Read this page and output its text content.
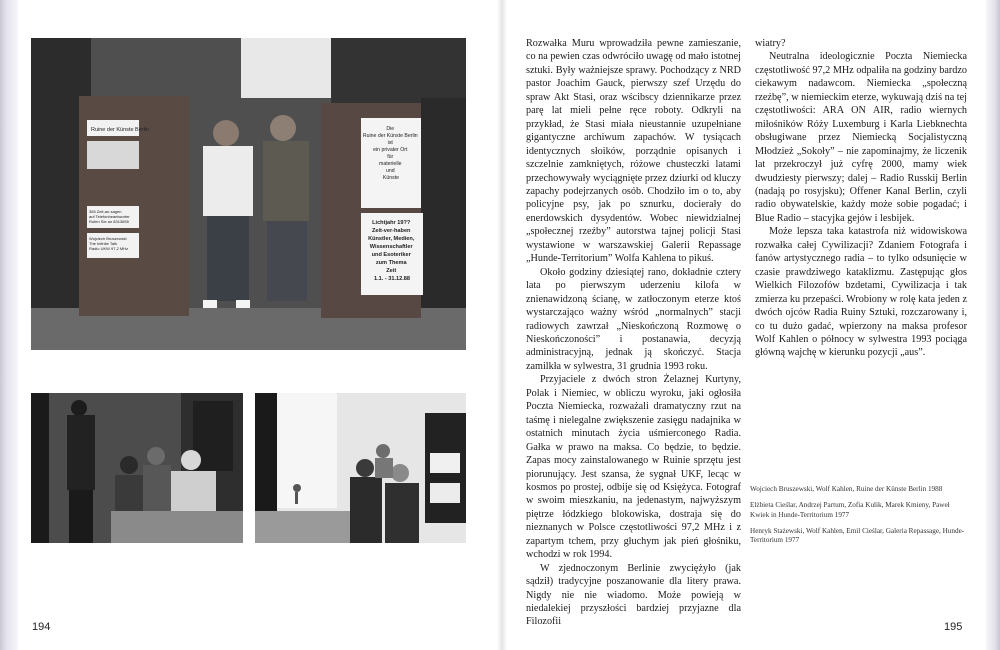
Ruine der Künste Berlin
365 Zeit-an-sagen auf Telefonbeantworter Rufen Sie an 8313655
Wojciech Bruszewski The Infinite Talk Radio UKW 97,2 MHz
Die Ruine der Künste Berlin ist ein privater Ort für materielle und Künste
Lichtjahr 19?? Zeit-ver-haben Künstler, Medien, Wissenschaftler und Esoteriker zum Thema Zeit 1.1. - 31.12.88

Rozwałka Muru wprowadziła pewne zamieszanie, co na pewien czas odwróciło uwagę od mało istotnej sztuki. Były ważniejsze sprawy. Pochodzący z NRD pastor Joachim Gauck, pierwszy szef Urzędu do spraw Akt Stasi, oraz wścibscy dziennikarze przez parę lat mieli pełne ręce roboty. Odkryli na przykład, że Stasi miała nieustannie uzupełniane gigantyczne archiwum zapachów. W tysiącach identycznych słoików, porządnie opisanych i szczelnie zamkniętych, różowe chusteczki latami przechowywały wyciągnięte przez dziurki od kluczy zapachy podejrzanych osób. Chodziło im o to, aby policyjne psy, jak po sznurku, docierały do enerdowskich dysydentów. Wobec niewidzialnej „społecznej rzeźby” autorstwa tajnej policji Stasi wystawione w warszawskiej Galerii Repassage „Hunde-Territorium” Wolfa Kahlena to pikuś.

Około godziny dziesiątej rano, dokładnie cztery lata po pierwszym uderzeniu kilofa w znienawidzoną ścianę, w zatłoczonym eterze ktoś wystarczająco ważny wśród „normalnych” stacji radiowych zawrzał „Nieskończoną Rozmowę o Nieskończoności” i postanawia, decyzją administracyjną, jednak ją skończyć. Stacja zamilkła w sylwestra, 31 grudnia 1993 roku.

Przyjaciele z dwóch stron Żelaznej Kurtyny, Polak i Niemiec, w obliczu wyroku, jaki ogłosiła Poczta Niemiecka, rozważali dramatyczny rzut na taśmę i nielegalne zwiększenie zasięgu nadajnika w ostatnich minutach życia uśmierconego Radia. Gałka w prawo na maksa. Co będzie, to będzie. Zapas mocy zainstalowanego w Ruinie sprzętu jest piorunujący. Jest szansa, że sygnał UKF, lecąc w kosmos po prostej, odbije się od Księżyca. Fotograf w swoim mieszkaniu, na jedenastym, najwyższym piętrze łódzkiego blokowiska, dostraja się do nieznanych w Polsce częstotliwości 97,2 MHz i z zapartym tchem, przy głuchym jak pień głośniku, wchodzi w rok 1994.

W zjednoczonym Berlinie zwyciężyło (jak sądził) tradycyjne poszanowanie dla litery prawa. Nigdy nie nie wiadomo. Może powieją w niedalekiej przyszłości bardziej przyjazne dla Filozofii

wiatry?

Neutralna ideologicznie Poczta Niemiecka częstotliwość 97,2 MHz odpaliła na godziny bardzo ciekawym nadawcom. Niemiecka „społeczną rzeźbę”, w niemieckim eterze, wykuwają dziś na tej częstotliwości: ARA ON AIR, radio wiernych miłośników Róży Luxemburg i Karla Liebknechta obsługiwane przez Niemiecką Socjalistyczną Młodzież „Sokoły” – nie zapominajmy, że liczenik lat przekroczył już cyfrę 2000, mamy wiek dwudziesty pierwszy; dalej – Radio Russkij Berlin (nadają po rosyjsku); Offener Kanal Berlin, czyli radio obywatelskie, każdy może sobie pogadać; i Blue Radio – stacyjka gejów i lesbijek.

Może lepsza taka katastrofa niż widowiskowa rozwałka całej Cywilizacji? Zdaniem Fotografa i fanów artystycznego radia – to tylko odsunięcie w czasie prawdziwego kataklizmu. Zastępując głos Wielkich Filozofów bzdetami, Cywilizacja i tak zmierza ku przepaści. Wrobiony w rolę kata jeden z dwóch ojców Radia Ruiny Sztuki, rozczarowany i, co tu dużo gadać, wpierzony na maksa profesor Wolf Kahlen o północy w sylwestra 1993 pociąga główną wajchę w kierunku pozycji „aus”.

Wojciech Bruszewski, Wolf Kahlen, Ruine der Künste Berlin 1988

Elżbieta Cieślar, Andrzej Partum, Zofia Kulik, Marek Kmieny, Paweł Kwiek in Hunde-Territorium 1977

Henryk Stażewski, Wolf Kahlen, Emil Cieślar, Galeria Repassage, Hunde-Territorium 1977

194	195
